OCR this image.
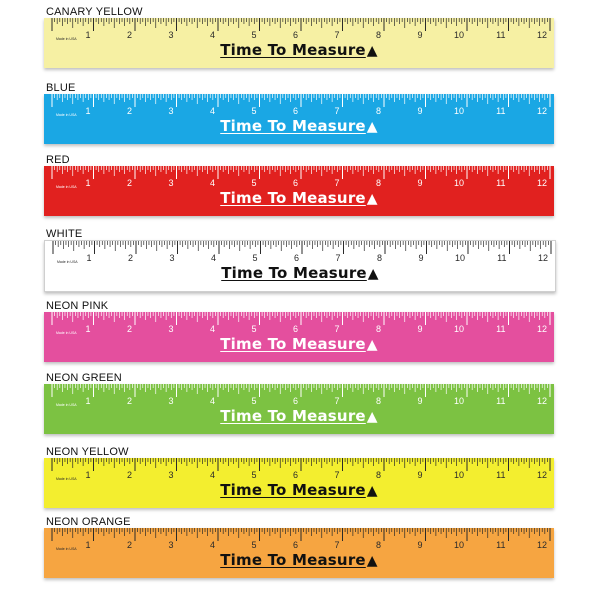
CANARY YELLOW
1	2	3	4	5	6	7	8	9	10	11	12
Made in USA
Time To Measure▲
BLUE
1	2	3	4	5	6	7	8	9	10	11	12
Made in USA
Time To Measure▲
RED
1	2	3	4	5	6	7	8	9	10	11	12
Made in USA
Time To Measure▲
WHITE
1	2	3	4	5	6	7	8	9	10	11	12
Made in USA
Time To Measure▲
NEON PINK
1	2	3	4	5	6	7	8	9	10	11	12
Made in USA
Time To Measure▲
NEON GREEN
1	2	3	4	5	6	7	8	9	10	11	12
Made in USA
Time To Measure▲
NEON YELLOW
1	2	3	4	5	6	7	8	9	10	11	12
Made in USA
Time To Measure▲
NEON ORANGE
1	2	3	4	5	6	7	8	9	10	11	12
Made in USA
Time To Measure▲
